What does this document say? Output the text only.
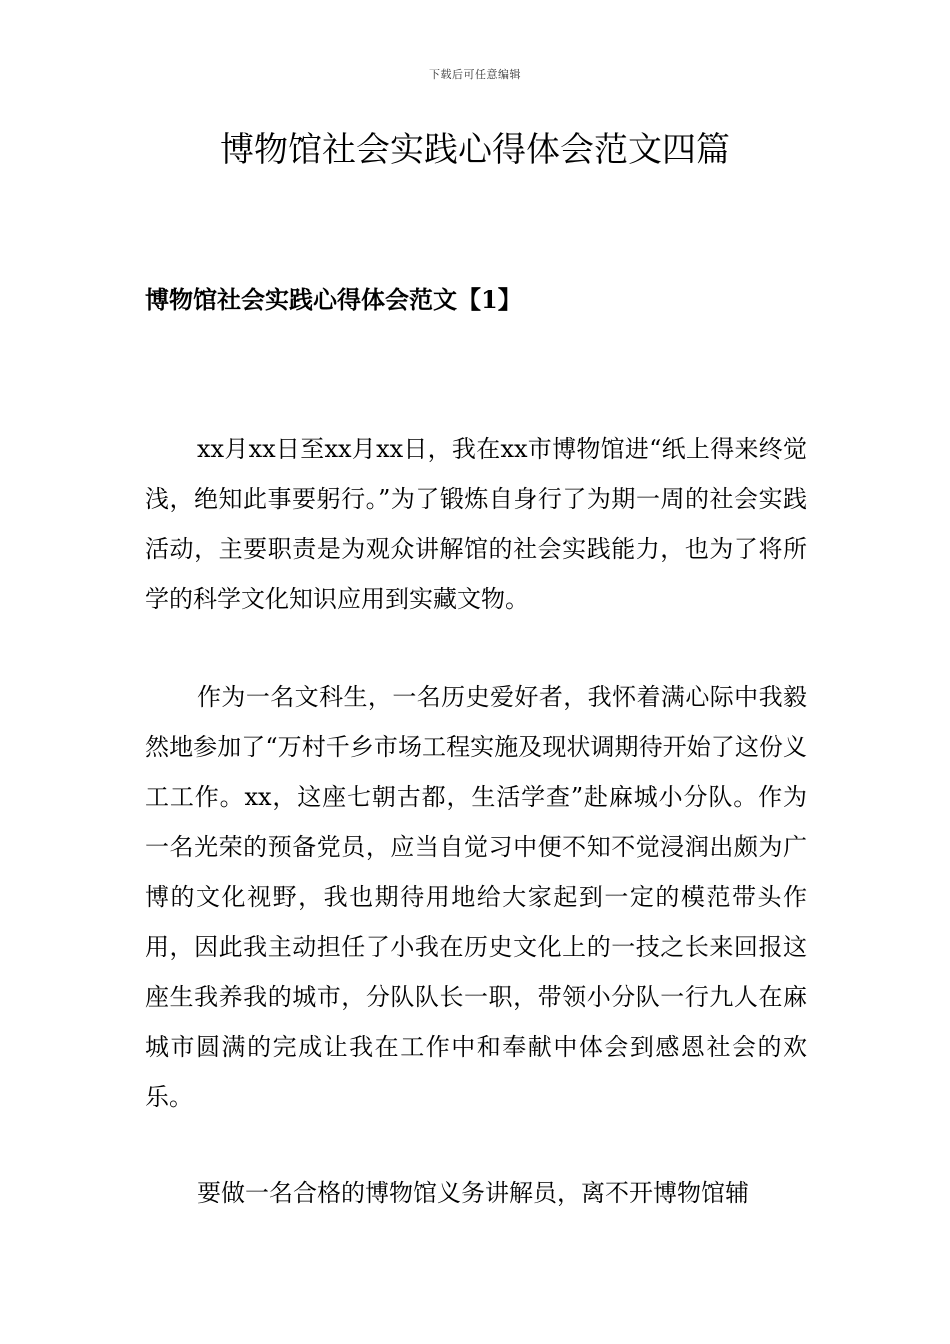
下载后可任意编辑
博物馆社会实践心得体会范文四篇
博物馆社会实践心得体会范文【1】

xx月xx日至xx月xx日，我在xx市博物馆进“纸上得来终觉浅，绝知此事要躬行。”为了锻炼自身行了为期一周的社会实践活动，主要职责是为观众讲解馆的社会实践能力，也为了将所学的科学文化知识应用到实藏文物。

作为一名文科生，一名历史爱好者，我怀着满心际中我毅然地参加了“万村千乡市场工程实施及现状调期待开始了这份义工工作。xx，这座七朝古都，生活学查”赴麻城小分队。作为一名光荣的预备党员，应当自觉习中便不知不觉浸润出颇为广博的文化视野，我也期待用地给大家起到一定的模范带头作用，因此我主动担任了小我在历史文化上的一技之长来回报这座生我养我的城市，分队队长一职，带领小分队一行九人在麻城市圆满的完成让我在工作中和奉献中体会到感恩社会的欢乐。

要做一名合格的博物馆义务讲解员，离不开博物馆辅
